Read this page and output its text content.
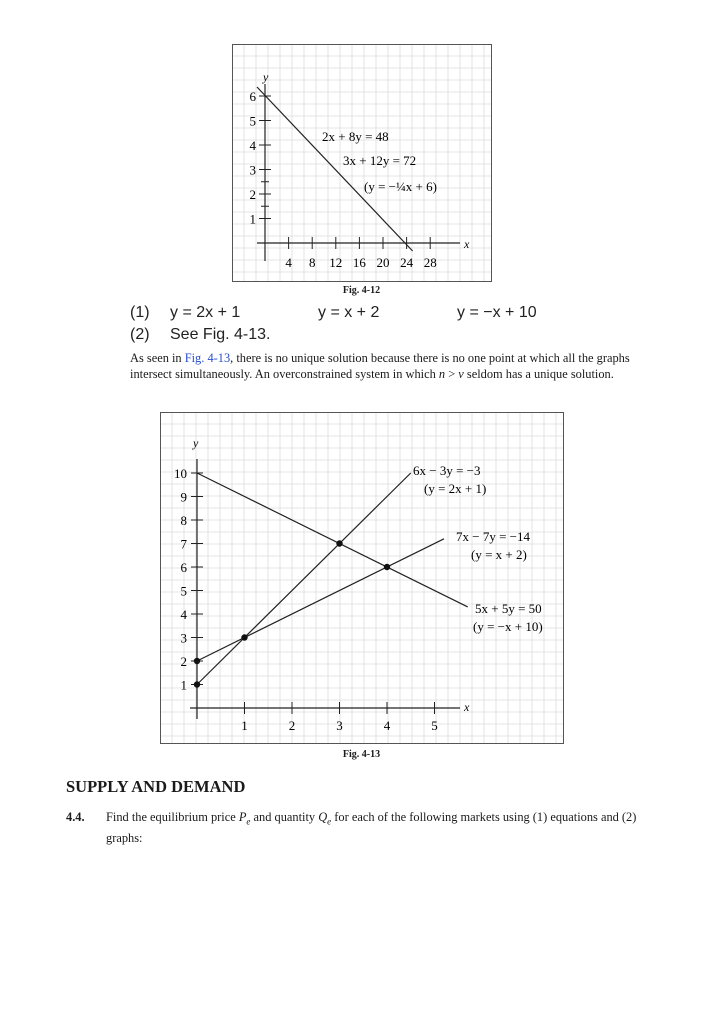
4 8 12 16 20 24 28
1
2
3
4
5
6
2x + 8y = 48
3x + 12y = 72
(y = −¼x + 6)
x
y
Fig. 4-12
(1) y = 2x + 1	y = x + 2	y = −x + 10
(2) See Fig. 4-13.
As seen in Fig. 4-13, there is no unique solution because there is no one point at which all the graphs intersect simultaneously. An overconstrained system in which n > v seldom has a unique solution.
1	2	3	4	5
1
2
3
4
5
6
7
8
9
10	6x − 3y = −3
(y = 2x + 1)
7x − 7y = −14
(y = x + 2)
5x + 5y = 50
(y = −x + 10)
x
y
Fig. 4-13
SUPPLY AND DEMAND
4.4. Find the equilibrium price $P_e$ and quantity $Q_e$ for each of the following markets using (1) equations and (2) graphs:
